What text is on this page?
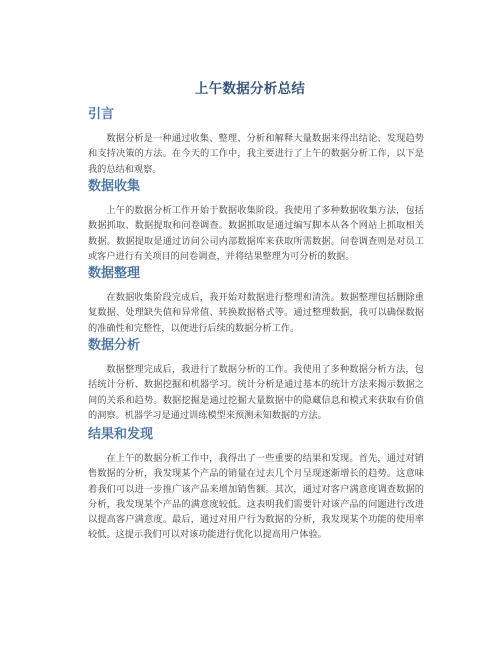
上午数据分析总结
引言

数据分析是一种通过收集、整理、分析和解释大量数据来得出结论、发现趋势和支持决策的方法。在今天的工作中，我主要进行了上午的数据分析工作，以下是我的总结和观察。

数据收集

上午的数据分析工作开始于数据收集阶段。我使用了多种数据收集方法，包括数据抓取、数据提取和问卷调查。数据抓取是通过编写脚本从各个网站上抓取相关数据。数据提取是通过访问公司内部数据库来获取所需数据。问卷调查则是对员工或客户进行有关项目的问卷调查，并将结果整理为可分析的数据。

数据整理

在数据收集阶段完成后，我开始对数据进行整理和清洗。数据整理包括删除重复数据、处理缺失值和异常值、转换数据格式等。通过整理数据，我可以确保数据的准确性和完整性，以便进行后续的数据分析工作。

数据分析

数据整理完成后，我进行了数据分析的工作。我使用了多种数据分析方法，包括统计分析、数据挖掘和机器学习。统计分析是通过基本的统计方法来揭示数据之间的关系和趋势。数据挖掘是通过挖掘大量数据中的隐藏信息和模式来获取有价值的洞察。机器学习是通过训练模型来预测未知数据的方法。

结果和发现

在上午的数据分析工作中，我得出了一些重要的结果和发现。首先，通过对销售数据的分析，我发现某个产品的销量在过去几个月呈现逐渐增长的趋势。这意味着我们可以进一步推广该产品来增加销售额。其次，通过对客户满意度调查数据的分析，我发现某个产品的满意度较低。这表明我们需要针对该产品的问题进行改进以提高客户满意度。最后，通过对用户行为数据的分析，我发现某个功能的使用率较低。这提示我们可以对该功能进行优化以提高用户体验。
